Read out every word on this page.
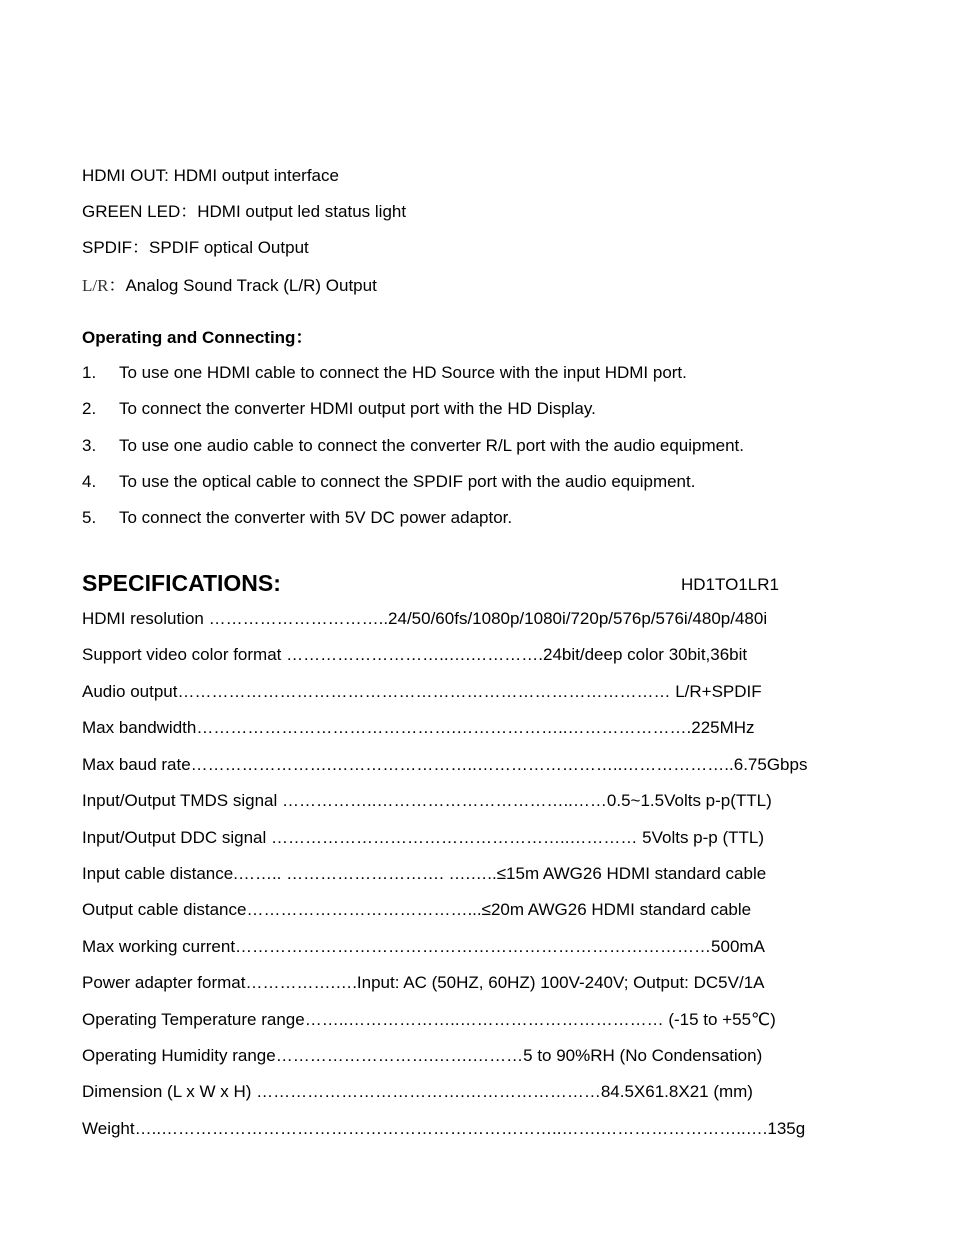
HDMI OUT: HDMI output interface
GREEN LED：HDMI output led status light
SPDIF：SPDIF optical Output
L/R：Analog Sound Track (L/R) Output
Operating and Connecting：
1. To use one HDMI cable to connect the HD Source with the input HDMI port.
2. To connect the converter HDMI output port with the HD Display.
3. To use one audio cable to connect the converter R/L port with the audio equipment.
4. To use the optical cable to connect the SPDIF port with the audio equipment.
5. To connect the converter with 5V DC power adaptor.
SPECIFICATIONS:	HD1TO1LR1
HDMI resolution …………………………..24/50/60fs/1080p/1080i/720p/576p/576i/480p/480i
Support video color format ………………………..….………….24bit/deep color 30bit,36bit
Audio output…………………………………………………………………………… L/R+SPDIF
Max bandwidth……………………………………….………………..………………….225MHz
Max baud rate…………………….……………………..……………………..………………..6.75Gbps
Input/Output TMDS signal ……………..……………………………..……0.5~1.5Volts p-p(TTL)
Input/Output DDC signal ……………………………………………..………… 5Volts p-p (TTL)
Input cable distance.…….. ………………………. ….…..≤15m AWG26 HDMI standard cable
Output cable distance…………………………………...≤20m AWG26 HDMI standard cable
Max working current…………………………………………………………………………500mA
Power adapter format…………….….Input: AC (50HZ, 60HZ) 100V-240V; Output: DC5V/1A
Operating Temperature range……..………………..……………………………… (-15 to +55℃)
Operating Humidity range……………………….…….………5 to 90%RH (No Condensation)
Dimension (L x W x H) ……………………………….……………………84.5X61.8X21 (mm)
Weight…..……………………………………………………………..…….……………………..….135g
